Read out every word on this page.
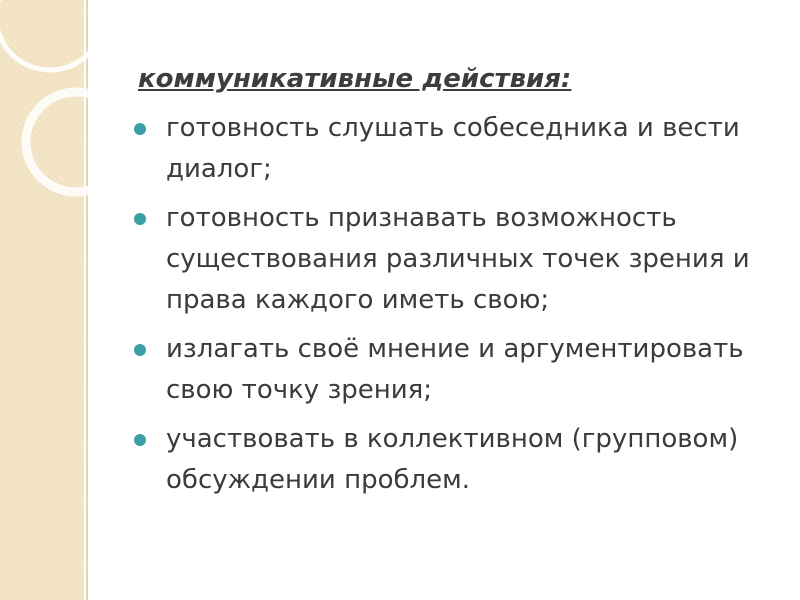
коммуникативные действия:
готовность слушать собеседника и вести диалог;
готовность признавать возможность существования различных точек зрения и права каждого иметь свою;
излагать своё мнение и аргументировать свою точку зрения;
участвовать в коллективном (групповом) обсуждении проблем.
